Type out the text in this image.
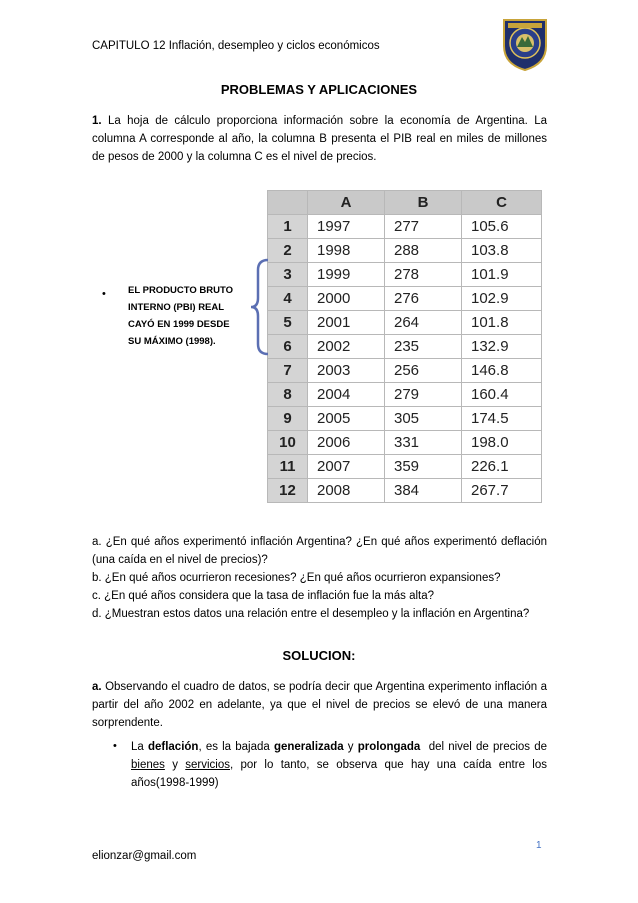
CAPITULO 12 Inflación, desempleo y ciclos económicos
PROBLEMAS Y APLICACIONES
1. La hoja de cálculo proporciona información sobre la economía de Argentina. La columna A corresponde al año, la columna B presenta el PIB real en miles de millones de pesos de 2000 y la columna C es el nivel de precios.
	A	B	C
1	1997	277	105.6
2	1998	288	103.8
3	1999	278	101.9
4	2000	276	102.9
5	2001	264	101.8
6	2002	235	132.9
7	2003	256	146.8
8	2004	279	160.4
9	2005	305	174.5
10	2006	331	198.0
11	2007	359	226.1
12	2008	384	267.7
• EL PRODUCTO BRUTO INTERNO (PBI) REAL CAYÓ EN 1999 DESDE SU MÁXIMO (1998).
a. ¿En qué años experimentó inflación Argentina? ¿En qué años experimentó deflación (una caída en el nivel de precios)?
b. ¿En qué años ocurrieron recesiones? ¿En qué años ocurrieron expansiones?
c. ¿En qué años considera que la tasa de inflación fue la más alta?
d. ¿Muestran estos datos una relación entre el desempleo y la inflación en Argentina?
SOLUCION:
a. Observando el cuadro de datos, se podría decir que Argentina experimento inflación a partir del año 2002 en adelante, ya que el nivel de precios se elevó de una manera sorprendente.
• La deflación, es la bajada generalizada y prolongada del nivel de precios de bienes y servicios, por lo tanto, se observa que hay una caída entre los años(1998-1999)
1
elionzar@gmail.com
